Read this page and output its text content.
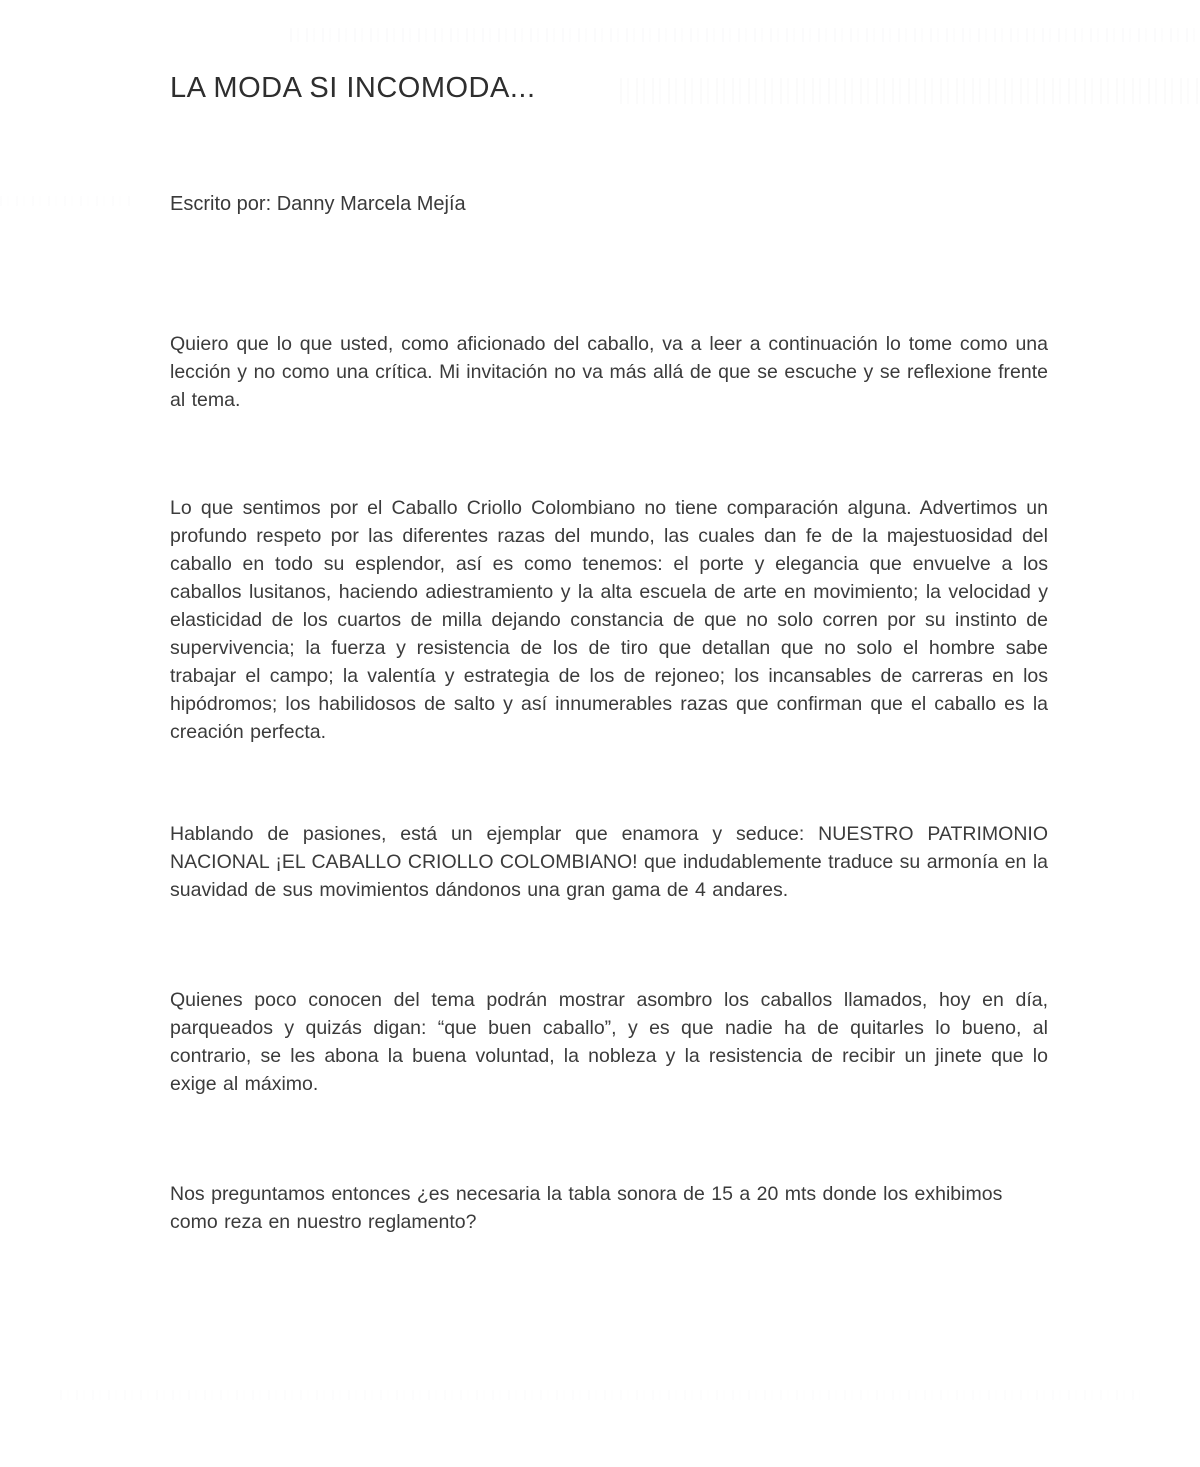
LA MODA SI INCOMODA...

Escrito por: Danny Marcela Mejía

Quiero que lo que usted, como aficionado del caballo, va a leer a continuación lo tome como una lección y no como una crítica. Mi invitación no va más allá de que se escuche y se reflexione frente al tema.

Lo que sentimos por el Caballo Criollo Colombiano no tiene comparación alguna. Advertimos un profundo respeto por las diferentes razas del mundo, las cuales dan fe de la majestuosidad del caballo en todo su esplendor, así es como tenemos: el porte y elegancia que envuelve a los caballos lusitanos, haciendo adiestramiento y la alta escuela de arte en movimiento; la velocidad y elasticidad de los cuartos de milla dejando constancia de que no solo corren por su instinto de supervivencia; la fuerza y resistencia de los de tiro que detallan que no solo el hombre sabe trabajar el campo; la valentía y estrategia de los de rejoneo; los incansables de carreras en los hipódromos; los habilidosos de salto y así innumerables razas que confirman que el caballo es la creación perfecta.

Hablando de pasiones, está un ejemplar que enamora y seduce: NUESTRO PATRIMONIO NACIONAL ¡EL CABALLO CRIOLLO COLOMBIANO! que indudablemente traduce su armonía en la suavidad de sus movimientos dándonos una gran gama de 4 andares.

Quienes poco conocen del tema podrán mostrar asombro los caballos llamados, hoy en día, parqueados y quizás digan: “que buen caballo”, y es que nadie ha de quitarles lo bueno, al contrario, se les abona la buena voluntad, la nobleza y la resistencia de recibir un jinete que lo exige al máximo.

Nos preguntamos entonces ¿es necesaria la tabla sonora de 15 a 20 mts donde los exhibimos como reza en nuestro reglamento?
